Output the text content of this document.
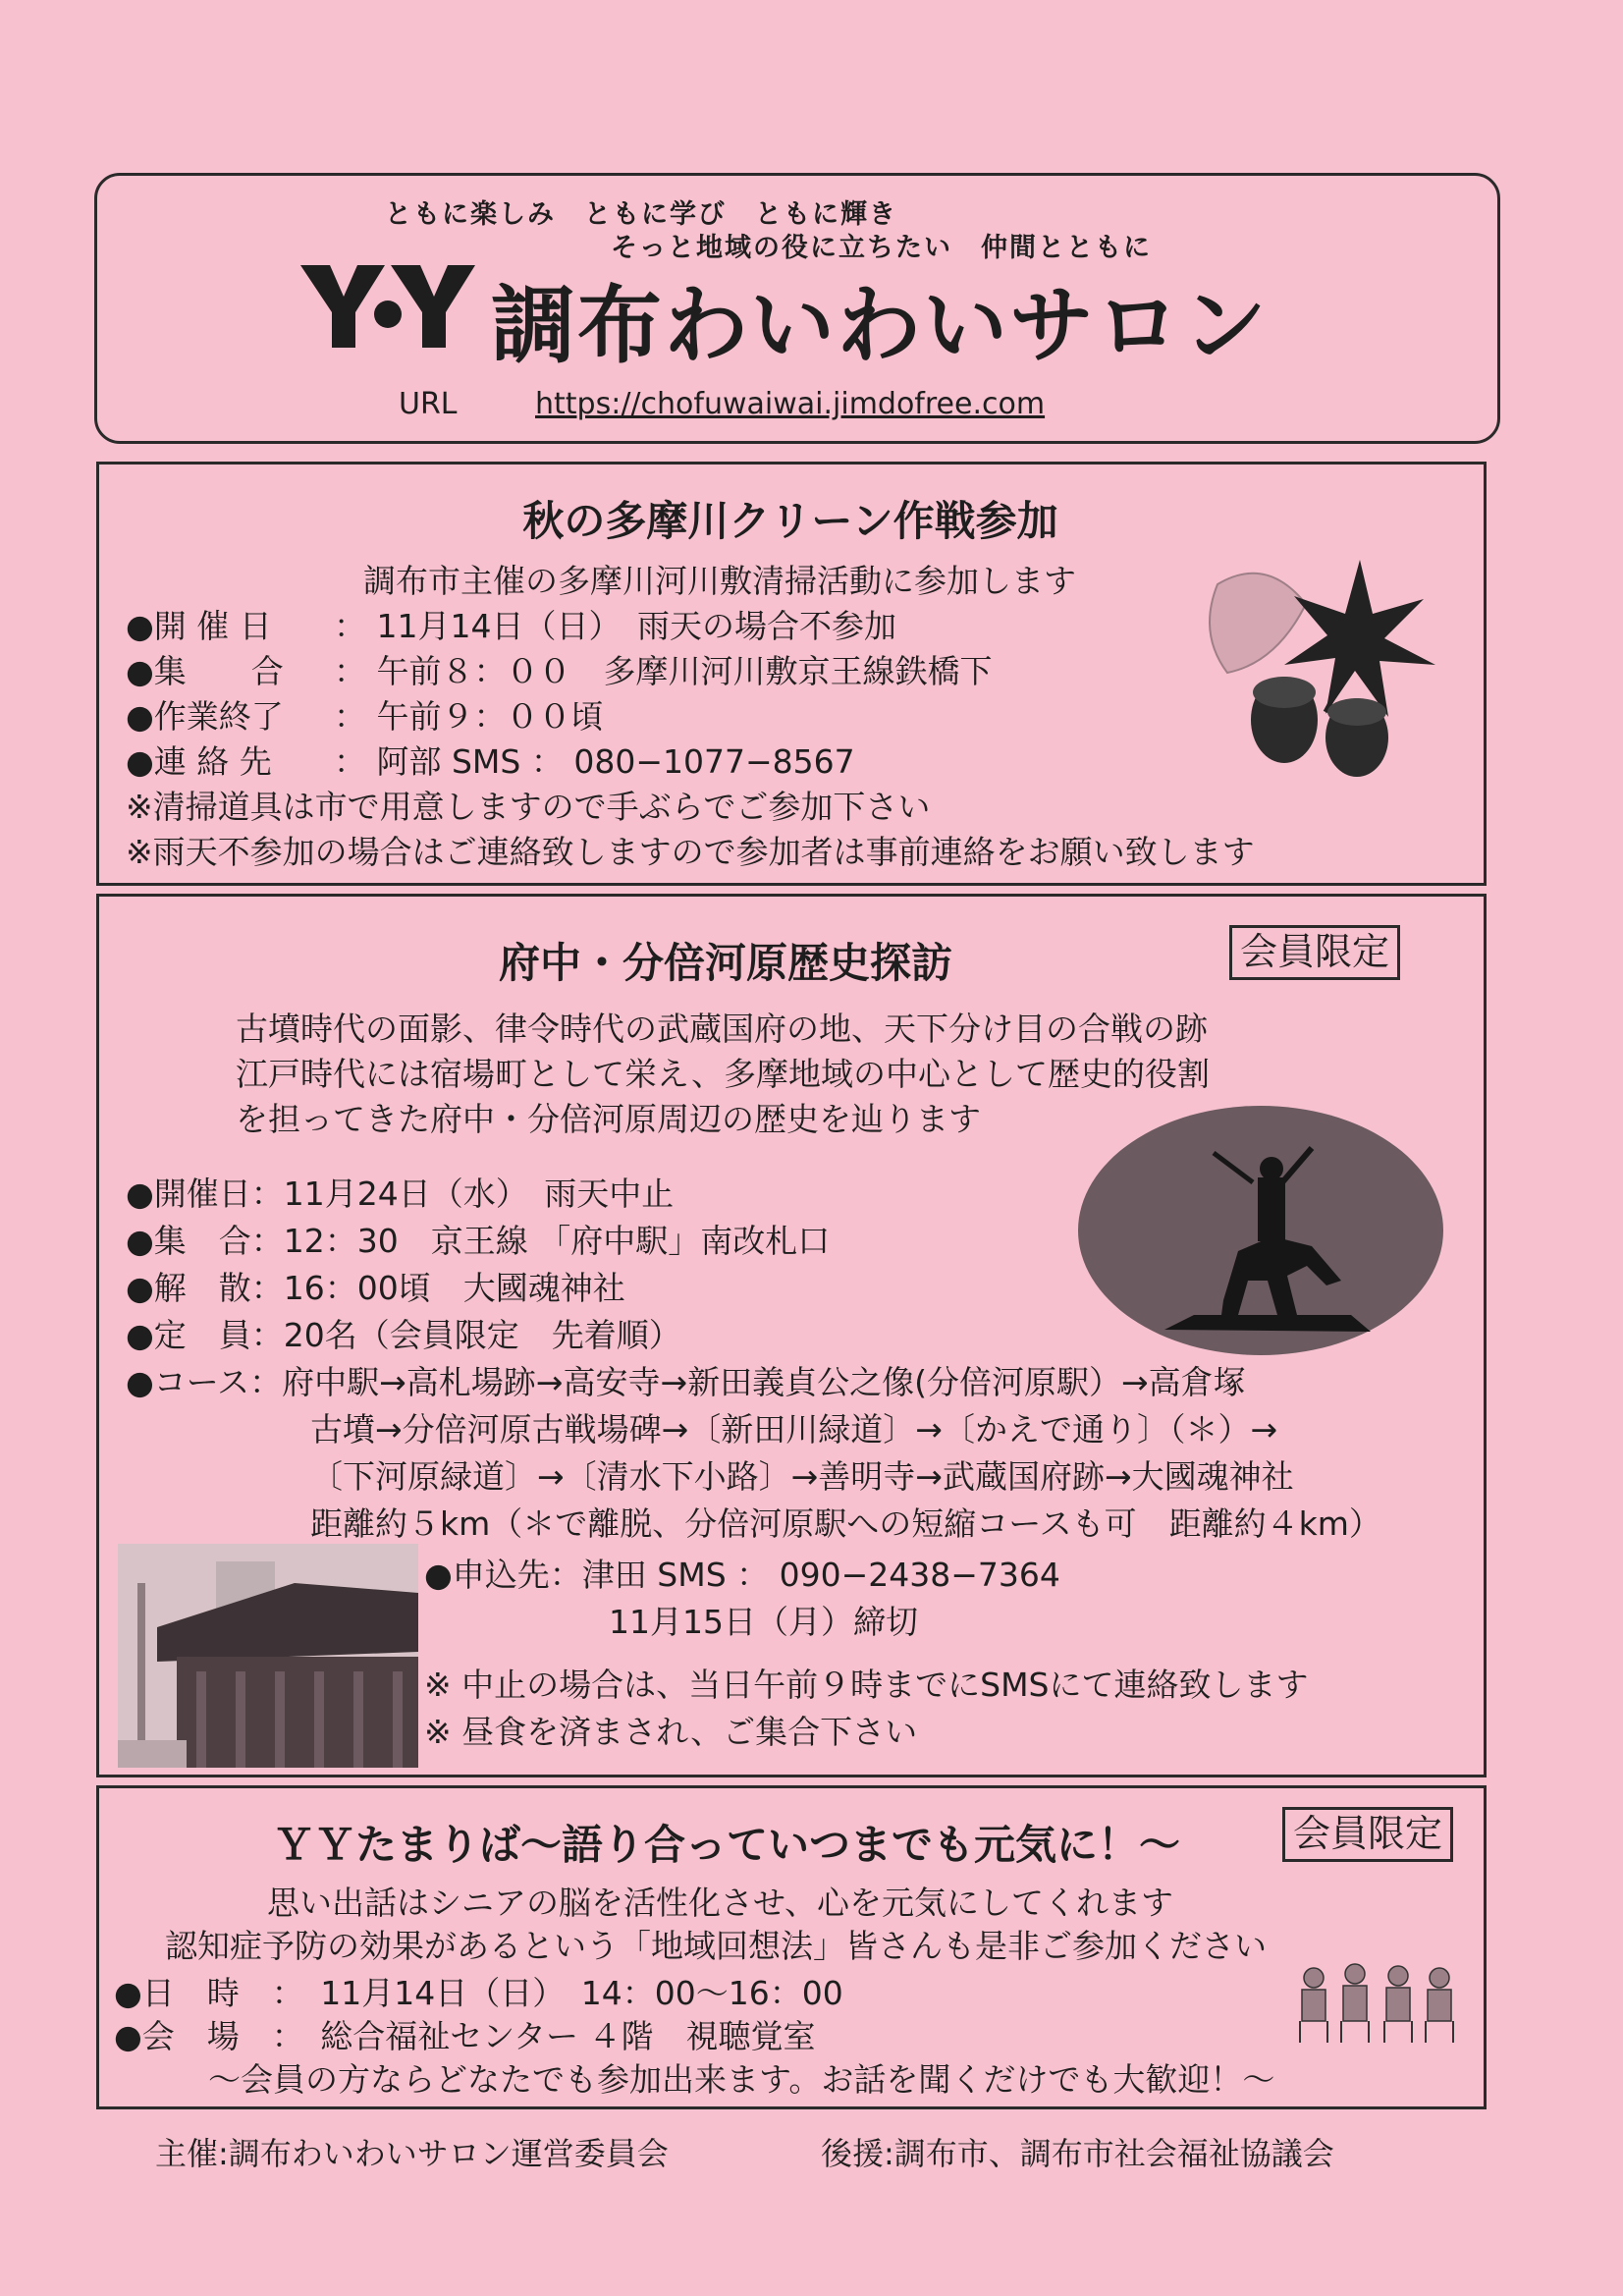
ともに楽しみ　ともに学び　ともに輝き
そっと地域の役に立ちたい　仲間とともに
調布わいわいサロン
URL	https://chofuwaiwai.jimdofree.com
秋の多摩川クリーン作戦参加
調布市主催の多摩川河川敷清掃活動に参加します
●開 催 日 ： 11月14日（日）　雨天の場合不参加
●集　　合 ： 午前８：００　多摩川河川敷京王線鉄橋下
●作業終了 ： 午前９：００頃
●連 絡 先 ： 阿部 SMS ： 080−1077−8567
※清掃道具は市で用意しますので手ぶらでご参加下さい
※雨天不参加の場合はご連絡致しますので参加者は事前連絡をお願い致します
府中・分倍河原歴史探訪	会員限定
古墳時代の面影、律令時代の武蔵国府の地、天下分け目の合戦の跡
江戸時代には宿場町として栄え、多摩地域の中心として歴史的役割
を担ってきた府中・分倍河原周辺の歴史を辿ります
●開催日：11月24日（水）　雨天中止
●集　合：12：30　京王線 「府中駅」南改札口
●解　散：16：00頃　大國魂神社
●定　員：20名（会員限定　先着順）
●コース：府中駅→高札場跡→高安寺→新田義貞公之像(分倍河原駅）→高倉塚
古墳→分倍河原古戦場碑→〔新田川緑道〕→〔かえで通り〕（＊）→
〔下河原緑道〕→〔清水下小路〕→善明寺→武蔵国府跡→大國魂神社
距離約５km（＊で離脱、分倍河原駅への短縮コースも可　距離約４km）
●申込先：津田 SMS ： 090−2438−7364
11月15日（月）締切
※ 中止の場合は、当日午前９時までにSMSにて連絡致します
※ 昼食を済まされ、ご集合下さい
ＹＹたまりば〜語り合っていつまでも元気に！〜	会員限定
思い出話はシニアの脳を活性化させ、心を元気にしてくれます
認知症予防の効果があるという「地域回想法」皆さんも是非ご参加ください
●日　時　：　11月14日（日）　14：00〜16：00
●会　場　：　総合福祉センター ４階　視聴覚室
〜会員の方ならどなたでも参加出来ます。お話を聞くだけでも大歓迎！〜
主催:調布わいわいサロン運営委員会	後援:調布市、調布市社会福祉協議会
